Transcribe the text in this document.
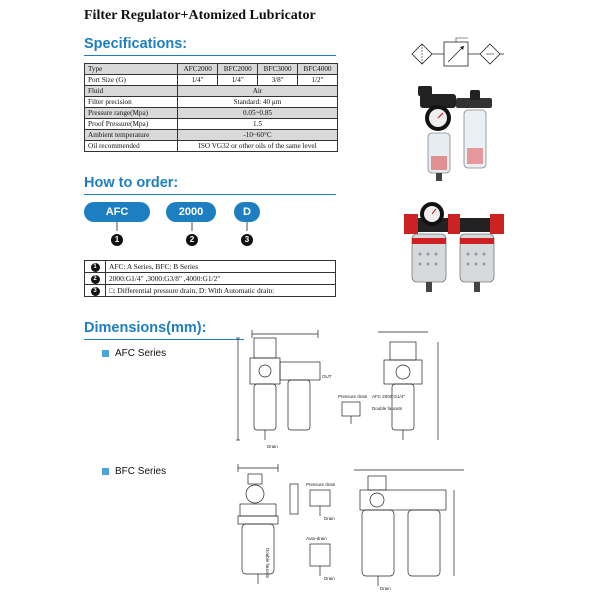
Filter Regulator+Atomized Lubricator
Specifications:
Type	AFC2000	BFC2000	BFC3000	BFC4000
Port Size (G)	1/4"	1/4"	3/8"	1/2"
Fluid	Air			
Filter precision	Standard: 40 μm			
Pressure range(Mpa)	0.05~0.85			
Proof Pressure(Mpa)	1.5			
Ambient temperature	-10~60°C			
Oil recommended	ISO VG32 or other oils of the same level			
How to order:
AFC	2000	D
1	2	3
1	AFC: A Series, BFC: B Series
2	2000:G1/4" ,3000:G3/8" ,4000:G1/2"
3	□: Differential pressure drain, D: With Automatic drain:
Dimensions(mm):
AFC Series
BFC Series
OUT
Drain
Pressure drain AFC 2000:G1/4"
Double faucets
Double faucets
Pressure drain
Drain
Auto-drain
Drain
Drain
